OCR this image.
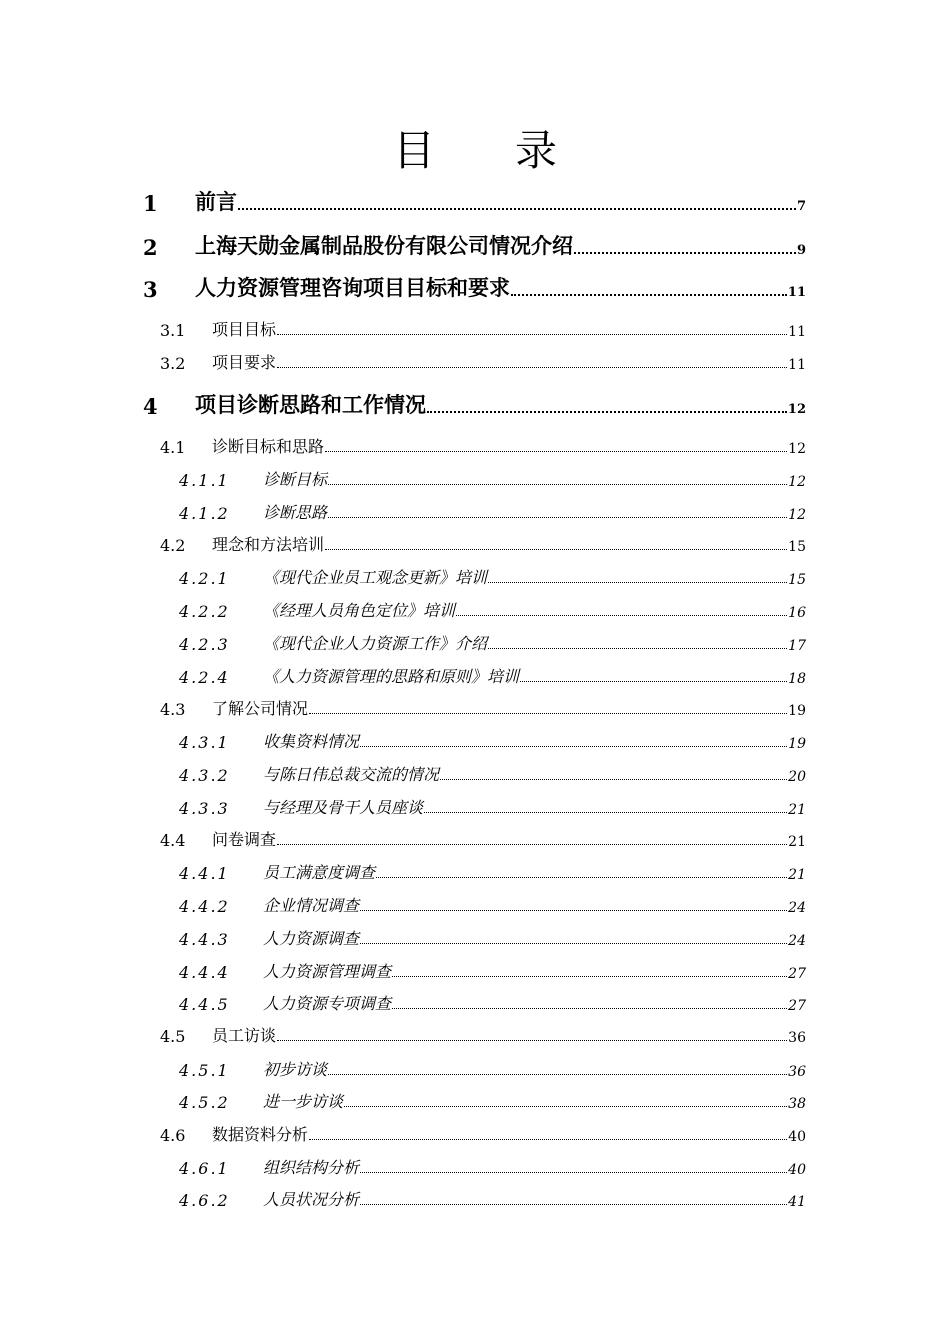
目 录
1	前言	7
2	上海天勋金属制品股份有限公司情况介绍	9
3	人力资源管理咨询项目目标和要求	11
3.1	项目目标	11
3.2	项目要求	11
4	项目诊断思路和工作情况	12
4.1	诊断目标和思路	12
4.1.1	诊断目标	12
4.1.2	诊断思路	12
4.2	理念和方法培训	15
4.2.1	《现代企业员工观念更新》培训	15
4.2.2	《经理人员角色定位》培训	16
4.2.3	《现代企业人力资源工作》介绍	17
4.2.4	《人力资源管理的思路和原则》培训	18
4.3	了解公司情况	19
4.3.1	收集资料情况	19
4.3.2	与陈日伟总裁交流的情况	20
4.3.3	与经理及骨干人员座谈	21
4.4	问卷调查	21
4.4.1	员工满意度调查	21
4.4.2	企业情况调查	24
4.4.3	人力资源调查	24
4.4.4	人力资源管理调查	27
4.4.5	人力资源专项调查	27
4.5	员工访谈	36
4.5.1	初步访谈	36
4.5.2	进一步访谈	38
4.6	数据资料分析	40
4.6.1	组织结构分析	40
4.6.2	人员状况分析	41
